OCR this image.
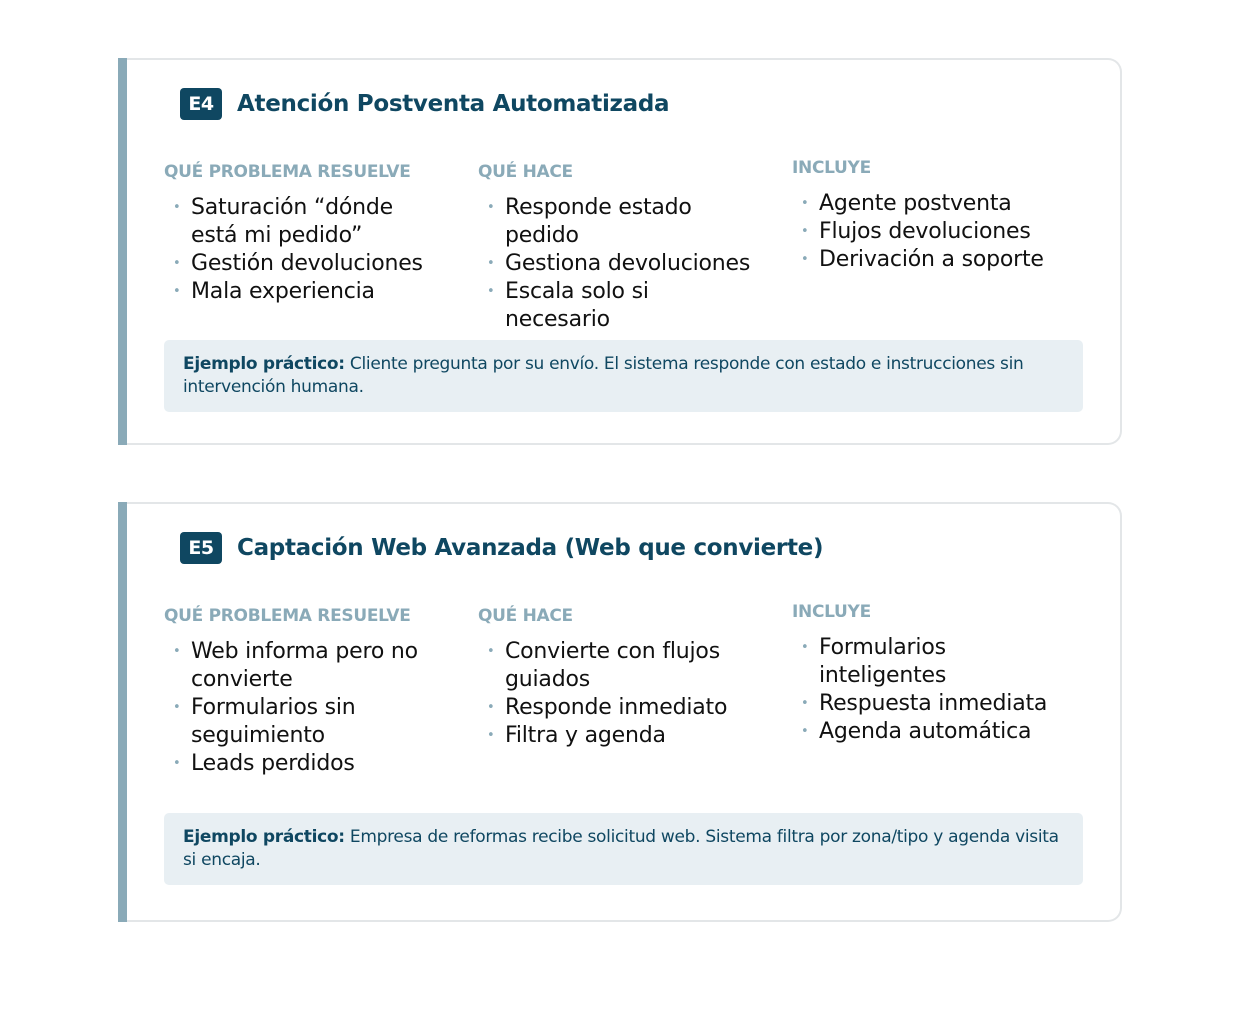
E4	Atención Postventa Automatizada
QUÉ PROBLEMA RESUELVE
• Saturación “dónde está mi pedido”
• Gestión devoluciones
• Mala experiencia
QUÉ HACE
• Responde estado pedido
• Gestiona devoluciones
• Escala solo si necesario
INCLUYE
• Agente postventa
• Flujos devoluciones
• Derivación a soporte
Ejemplo práctico: Cliente pregunta por su envío. El sistema responde con estado e instrucciones sin intervención humana.
E5	Captación Web Avanzada (Web que convierte)
QUÉ PROBLEMA RESUELVE
• Web informa pero no convierte
• Formularios sin seguimiento
• Leads perdidos
QUÉ HACE
• Convierte con flujos guiados
• Responde inmediato
• Filtra y agenda
INCLUYE
• Formularios inteligentes
• Respuesta inmediata
• Agenda automática
Ejemplo práctico: Empresa de reformas recibe solicitud web. Sistema filtra por zona/tipo y agenda visita si encaja.
